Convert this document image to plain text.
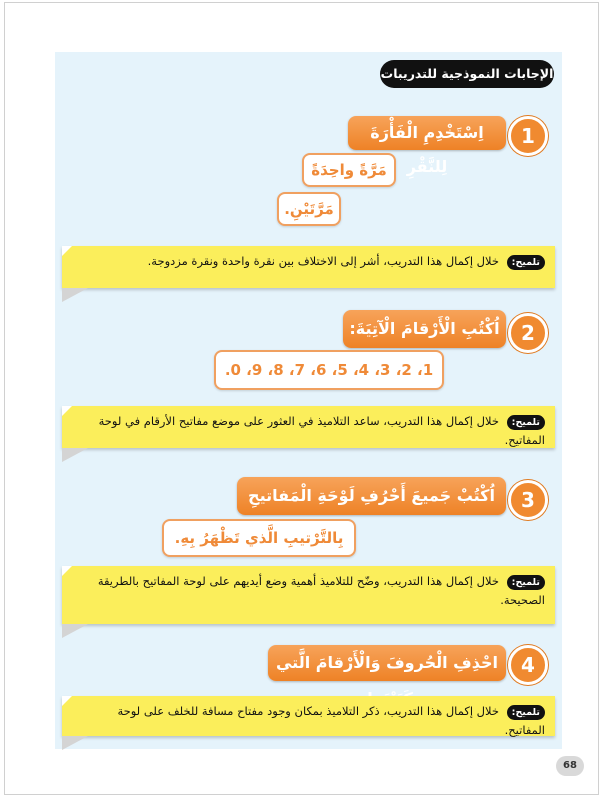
الإجابات النموذجية للتدريبات
1
اِسْتَخْدِمِ الْفَأْرَةَ لِلنَّقْرِ
مَرَّةً واحِدَةً
مَرَّتَيْنِ.
تلميح: خلال إكمال هذا التدريب، أشر إلى الاختلاف بين نقرة واحدة ونقرة مزدوجة.
2
اُكْتُبِ الْأَرْقامَ الْآتِيَةَ:
1، 2، 3، 4، 5، 6، 7، 8، 9، 0.
تلميح: خلال إكمال هذا التدريب، ساعد التلاميذ في العثور على موضع مفاتيح الأرقام في لوحة المفاتيح.
3
اُكْتُبْ جَميعَ أَحْرُفِ لَوْحَةِ الْمَفاتيحِ
بِالتَّرْتيبِ الَّذي تَظْهَرُ بِهِ.
تلميح: خلال إكمال هذا التدريب، وضّح للتلاميذ أهمية وضع أيديهم على لوحة المفاتيح بالطريقة الصحيحة.
4
احْذِفِ الْحُروفَ وَالْأَرْقامَ الَّتي
تلميح: خلال إكمال هذا التدريب، ذكر التلاميذ بمكان وجود مفتاح مسافة للخلف على لوحة المفاتيح.
68
